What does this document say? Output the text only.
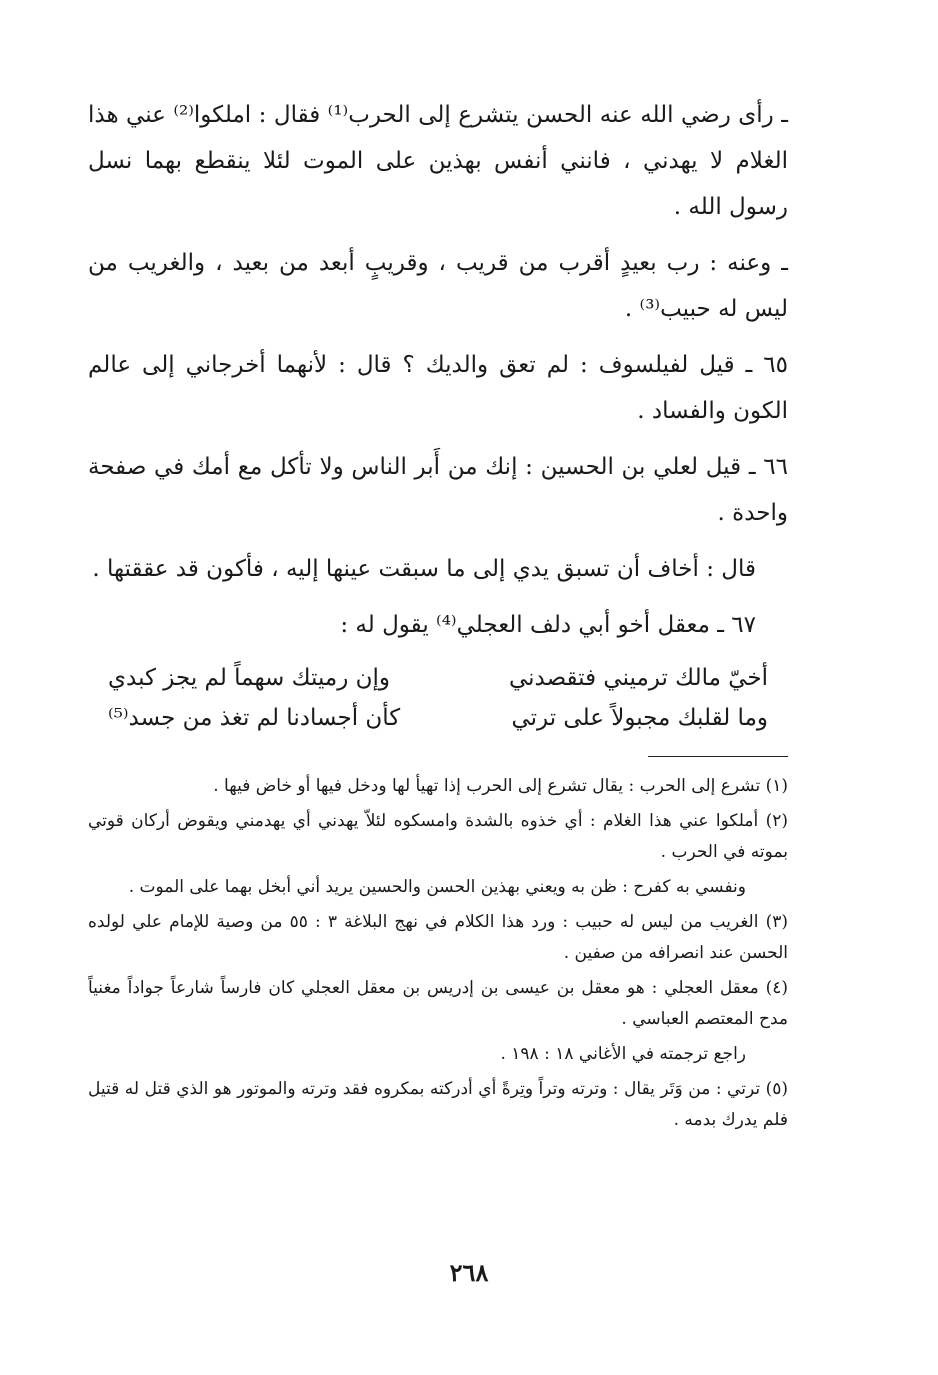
ـ رأى رضي الله عنه الحسن يتشرع إلى الحرب⁽¹⁾ فقال : املكوا⁽²⁾ عني هذا الغلام لا يهدني ، فانني أنفس بهذين على الموت لئلا ينقطع بهما نسل رسول الله .

ـ وعنه : رب بعيدٍ أقرب من قريب ، وقريبٍ أبعد من بعيد ، والغريب من ليس له حبيب⁽³⁾ .

٦٥ ـ قيل لفيلسوف : لم تعق والديك ؟ قال : لأنهما أخرجاني إلى عالم الكون والفساد .

٦٦ ـ قيل لعلي بن الحسين : إنك من أَبر الناس ولا تأكل مع أمك في صفحة واحدة .

قال : أخاف أن تسبق يدي إلى ما سبقت عينها إليه ، فأكون قد عققتها .

٦٧ ـ معقل أخو أبي دلف العجلي⁽⁴⁾ يقول له :

أخيّ مالك ترميني فتقصدني
وإن رميتك سهماً لم يجز كبدي
وما لقلبك مجبولاً على ترتي
كأن أجسادنا لم تغذ من جسد⁽⁵⁾

(١) تشرع إلى الحرب : يقال تشرع إلى الحرب إذا تهيأ لها ودخل فيها أو خاض فيها .

(٢) أملكوا عني هذا الغلام : أي خذوه بالشدة وامسكوه لئلاّ يهدني أي يهدمني ويقوض أركان قوتي بموته في الحرب .

ونفسي به كفرح : ظن به ويعني بهذين الحسن والحسين يريد أني أبخل بهما على الموت .

(٣) الغريب من ليس له حبيب : ورد هذا الكلام في نهج البلاغة ٣ : ٥٥ من وصية للإمام علي لولده الحسن عند انصرافه من صفين .

(٤) معقل العجلي : هو معقل بن عيسى بن إدريس بن معقل العجلي كان فارساً شارعاً جواداً مغنياً مدح المعتصم العباسي .

راجع ترجمته في الأغاني ١٨ : ١٩٨ .

(٥) ترتي : من وَتَر يقال : وترته وتراً وتِرةً أي أدركته بمكروه فقد وترته والموتور هو الذي قتل له قتيل فلم يدرك بدمه .

٢٦٨
